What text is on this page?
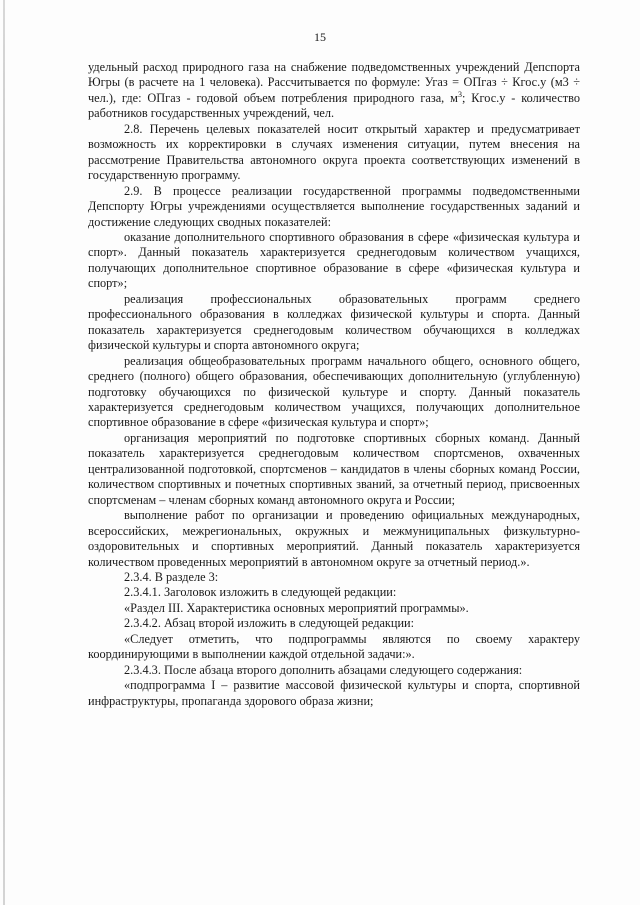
15

удельный расход природного газа на снабжение подведомственных учреждений Депспорта Югры (в расчете на 1 человека). Рассчитывается по формуле: Угаз = ОПгаз ÷ Кгос.у (м3 ÷ чел.), где: ОПгаз - годовой объем потребления природного газа, $м^3$; Кгос.у - количество работников государственных учреждений, чел.

2.8. Перечень целевых показателей носит открытый характер и предусматривает возможность их корректировки в случаях изменения ситуации, путем внесения на рассмотрение Правительства автономного округа проекта соответствующих изменений в государственную программу.

2.9. В процессе реализации государственной программы подведомственными Депспорту Югры учреждениями осуществляется выполнение государственных заданий и достижение следующих сводных показателей:

оказание дополнительного спортивного образования в сфере «физическая культура и спорт». Данный показатель характеризуется среднегодовым количеством учащихся, получающих дополнительное спортивное образование в сфере «физическая культура и спорт»;

реализация профессиональных образовательных программ среднего профессионального образования в колледжах физической культуры и спорта. Данный показатель характеризуется среднегодовым количеством обучающихся в колледжах физической культуры и спорта автономного округа;

реализация общеобразовательных программ начального общего, основного общего, среднего (полного) общего образования, обеспечивающих дополнительную (углубленную) подготовку обучающихся по физической культуре и спорту. Данный показатель характеризуется среднегодовым количеством учащихся, получающих дополнительное спортивное образование в сфере «физическая культура и спорт»;

организация мероприятий по подготовке спортивных сборных команд. Данный показатель характеризуется среднегодовым количеством спортсменов, охваченных централизованной подготовкой, спортсменов – кандидатов в члены сборных команд России, количеством спортивных и почетных спортивных званий, за отчетный период, присвоенных спортсменам – членам сборных команд автономного округа и России;

выполнение работ по организации и проведению официальных международных, всероссийских, межрегиональных, окружных и межмуниципальных физкультурно-оздоровительных и спортивных мероприятий. Данный показатель характеризуется количеством проведенных мероприятий в автономном округе за отчетный период.».

2.3.4. В разделе 3:

2.3.4.1. Заголовок изложить в следующей редакции:

«Раздел III. Характеристика основных мероприятий программы».

2.3.4.2. Абзац второй изложить в следующей редакции:

«Следует отметить, что подпрограммы являются по своему характеру координирующими в выполнении каждой отдельной задачи:».

2.3.4.3. После абзаца второго дополнить абзацами следующего содержания:

«подпрограмма I – развитие массовой физической культуры и спорта, спортивной инфраструктуры, пропаганда здорового образа жизни;
